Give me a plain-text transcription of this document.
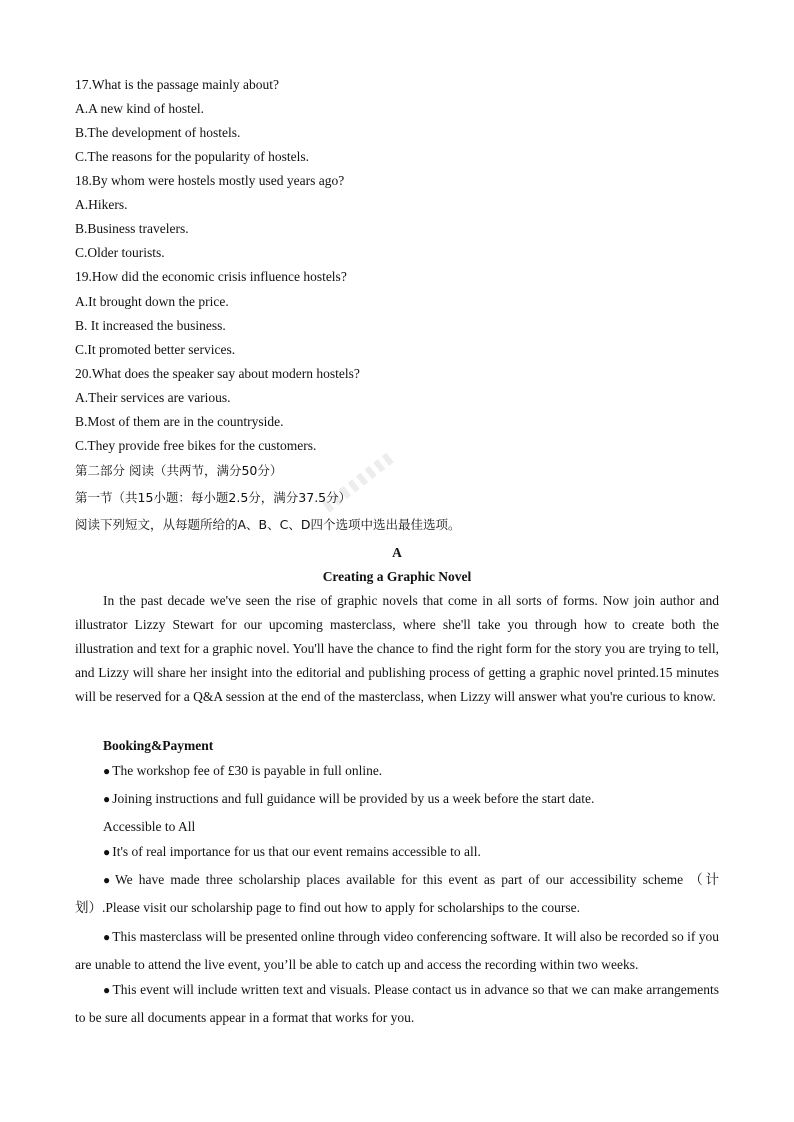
17.What is the passage mainly about?
A.A new kind of hostel.
B.The development of hostels.
C.The reasons for the popularity of hostels.
18.By whom were hostels mostly used years ago?
A.Hikers.
B.Business travelers.
C.Older tourists.
19.How did the economic crisis influence hostels?
A.It brought down the price.
B. It increased the business.
C.It promoted better services.
20.What does the speaker say about modern hostels?
A.Their services are various.
B.Most of them are in the countryside.
C.They provide free bikes for the customers.
第二部分 阅读（共两节，满分50分）
第一节（共15小题：每小题2.5分，满分37.5分）
阅读下列短文，从每题所给的A、B、C、D四个选项中选出最佳选项。
▮▮▮▮▮▮▮▮
A
Creating a Graphic Novel
In the past decade we've seen the rise of graphic novels that come in all sorts of forms. Now join author and illustrator Lizzy Stewart for our upcoming masterclass, where she'll take you through how to create both the illustration and text for a graphic novel. You'll have the chance to find the right form for the story you are trying to tell, and Lizzy will share her insight into the editorial and publishing process of getting a graphic novel printed.15 minutes will be reserved for a Q&A session at the end of the masterclass, when Lizzy will answer what you're curious to know.
Booking&Payment
● The workshop fee of £30 is payable in full online.
● Joining instructions and full guidance will be provided by us a week before the start date.
Accessible to All
● It's of real importance for us that our event remains accessible to all.
● We have made three scholarship places available for this event as part of our accessibility scheme （计划）.Please visit our scholarship page to find out how to apply for scholarships to the course.
● This masterclass will be presented online through video conferencing software. It will also be recorded so if you are unable to attend the live event, you’ll be able to catch up and access the recording within two weeks.
● This event will include written text and visuals. Please contact us in advance so that we can make arrangements to be sure all documents appear in a format that works for you.
